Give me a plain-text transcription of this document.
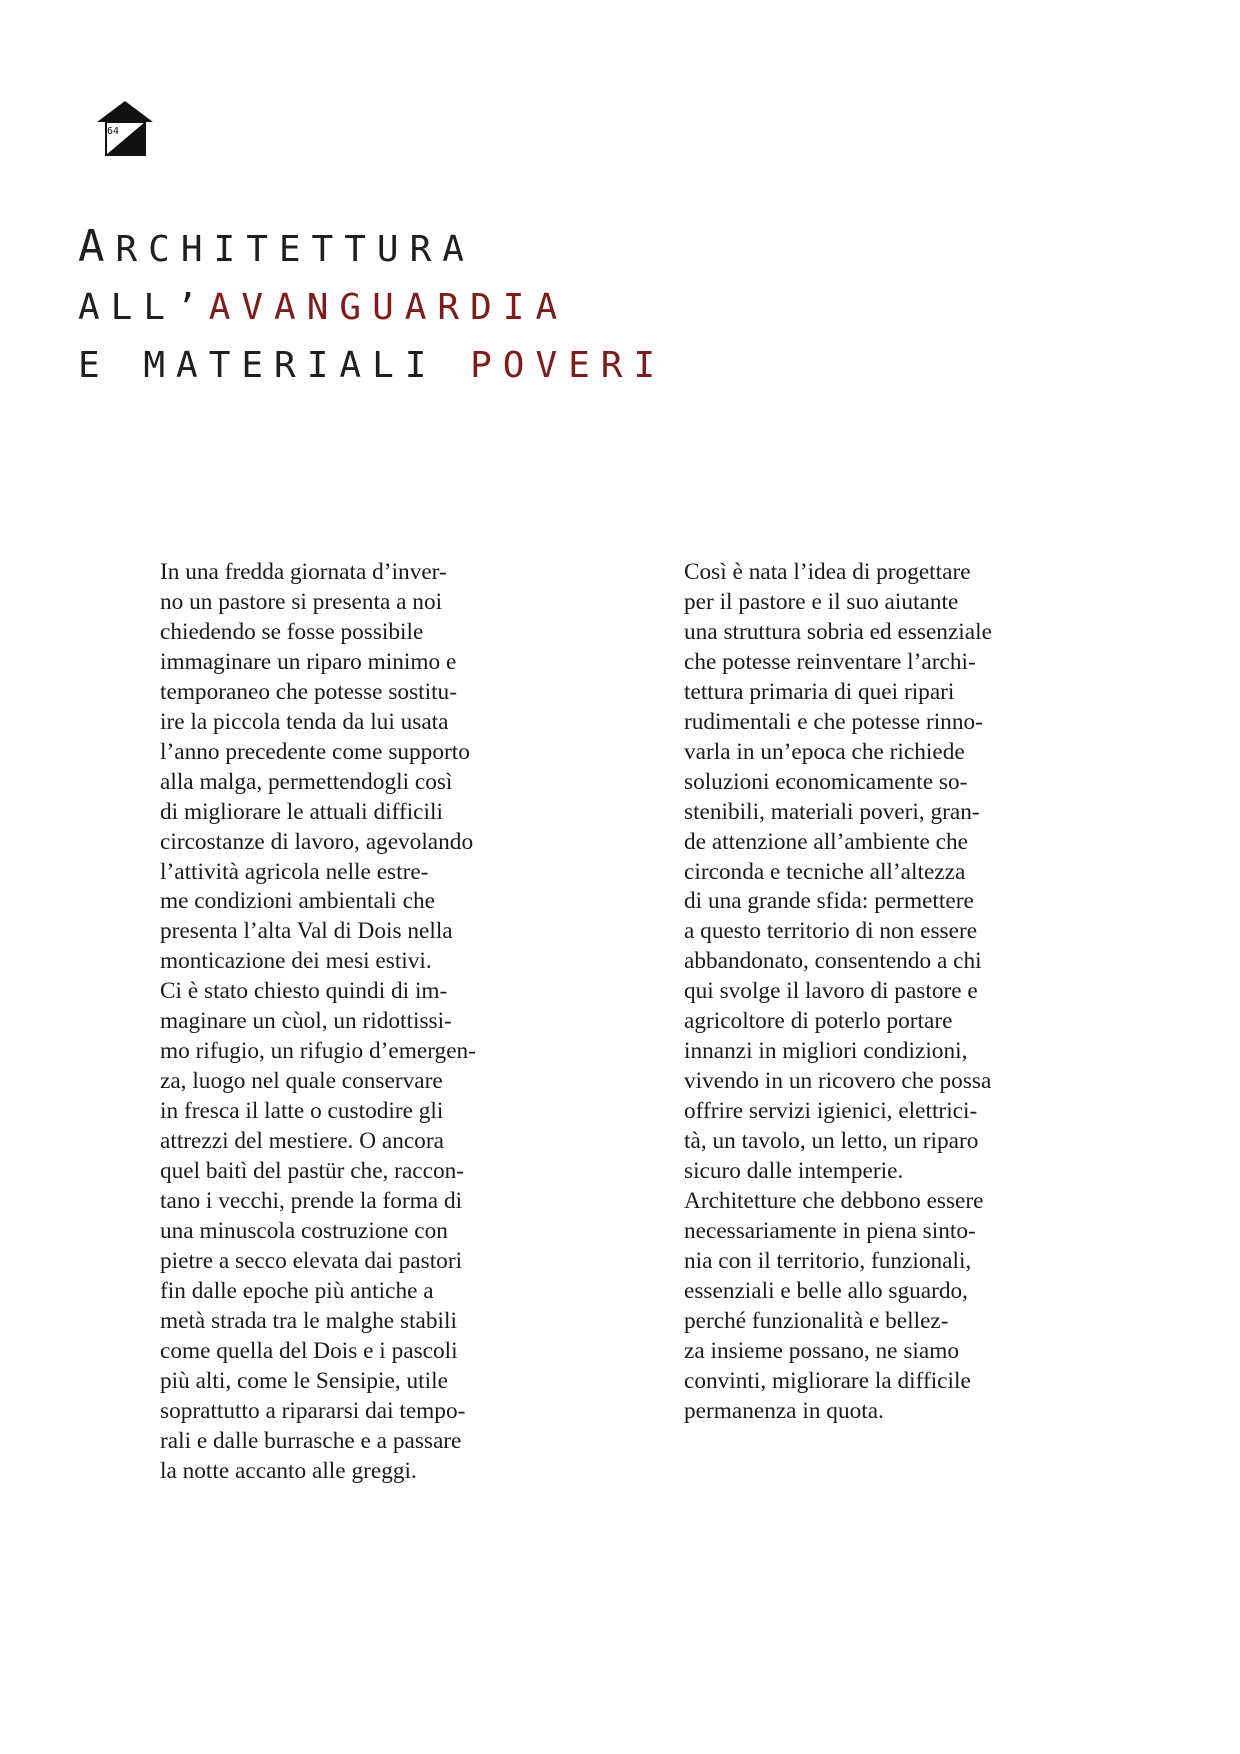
64
ARCHITETTURA
ALL’AVANGUARDIA
E MATERIALI POVERI
In una fredda giornata d’inver-
no un pastore si presenta a noi
chiedendo se fosse possibile
immaginare un riparo minimo e
temporaneo che potesse sostitu-
ire la piccola tenda da lui usata
l’anno precedente come supporto
alla malga, permettendogli così
di migliorare le attuali difficili
circostanze di lavoro, agevolando
l’attività agricola nelle estre-
me condizioni ambientali che
presenta l’alta Val di Dois nella
monticazione dei mesi estivi.
Ci è stato chiesto quindi di im-
maginare un cùol, un ridottissi-
mo rifugio, un rifugio d’emergen-
za, luogo nel quale conservare
in fresca il latte o custodire gli
attrezzi del mestiere. O ancora
quel baitì del pastür che, raccon-
tano i vecchi, prende la forma di
una minuscola costruzione con
pietre a secco elevata dai pastori
fin dalle epoche più antiche a
metà strada tra le malghe stabili
come quella del Dois e i pascoli
più alti, come le Sensipie, utile
soprattutto a ripararsi dai tempo-
rali e dalle burrasche e a passare
la notte accanto alle greggi.
Così è nata l’idea di progettare
per il pastore e il suo aiutante
una struttura sobria ed essenziale
che potesse reinventare l’archi-
tettura primaria di quei ripari
rudimentali e che potesse rinno-
varla in un’epoca che richiede
soluzioni economicamente so-
stenibili, materiali poveri, gran-
de attenzione all’ambiente che
circonda e tecniche all’altezza
di una grande sfida: permettere
a questo territorio di non essere
abbandonato, consentendo a chi
qui svolge il lavoro di pastore e
agricoltore di poterlo portare
innanzi in migliori condizioni,
vivendo in un ricovero che possa
offrire servizi igienici, elettrici-
tà, un tavolo, un letto, un riparo
sicuro dalle intemperie.
Architetture che debbono essere
necessariamente in piena sinto-
nia con il territorio, funzionali,
essenziali e belle allo sguardo,
perché funzionalità e bellez-
za insieme possano, ne siamo
convinti, migliorare la difficile
permanenza in quota.
